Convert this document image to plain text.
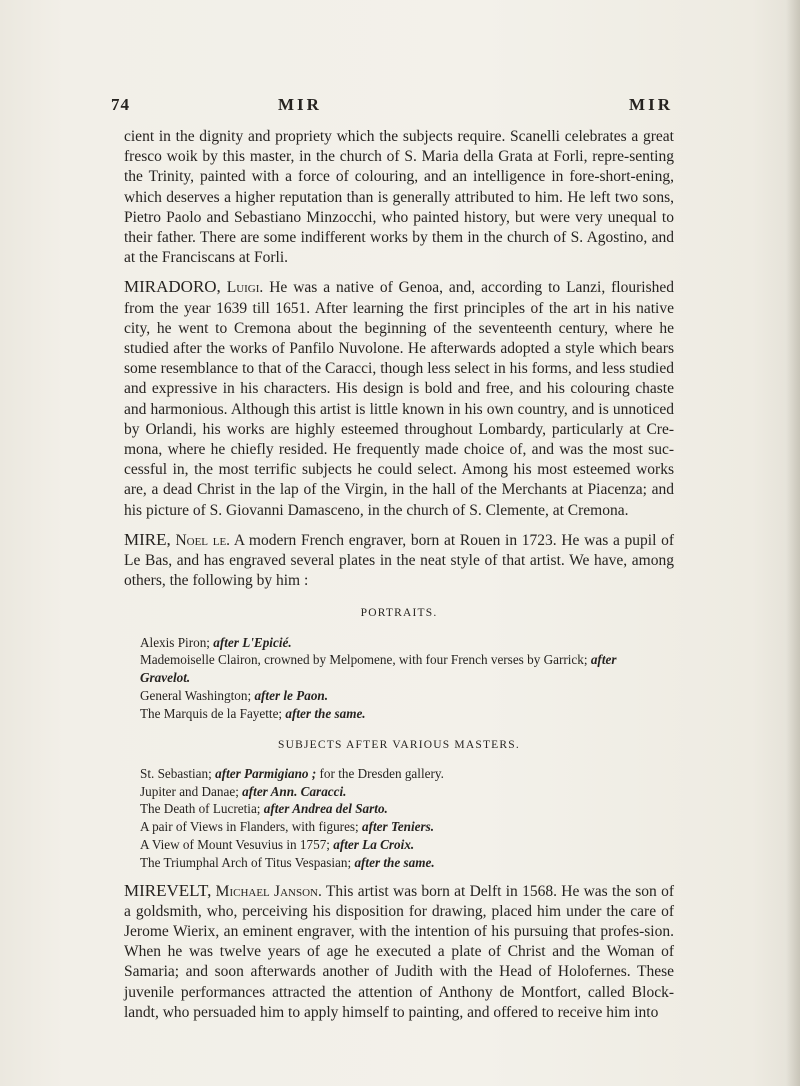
74	MIR	MIR

cient in the dignity and propriety which the subjects require. Scanelli celebrates a great fresco woik by this master, in the church of S. Maria della Grata at Forli, repre-senting the Trinity, painted with a force of colouring, and an intelligence in fore-short-ening, which deserves a higher reputation than is generally attributed to him. He left two sons, Pietro Paolo and Sebastiano Minzocchi, who painted history, but were very unequal to their father. There are some indifferent works by them in the church of S. Agostino, and at the Franciscans at Forli.

MIRADORO, Luigi. He was a native of Genoa, and, according to Lanzi, flourished from the year 1639 till 1651. After learning the first principles of the art in his native city, he went to Cremona about the beginning of the seventeenth century, where he studied after the works of Panfilo Nuvolone. He afterwards adopted a style which bears some resemblance to that of the Caracci, though less select in his forms, and less studied and expressive in his characters. His design is bold and free, and his colouring chaste and harmonious. Although this artist is little known in his own country, and is unnoticed by Orlandi, his works are highly esteemed throughout Lombardy, particularly at Cre-mona, where he chiefly resided. He frequently made choice of, and was the most suc-cessful in, the most terrific subjects he could select. Among his most esteemed works are, a dead Christ in the lap of the Virgin, in the hall of the Merchants at Piacenza; and his picture of S. Giovanni Damasceno, in the church of S. Clemente, at Cremona.

MIRE, Noel le. A modern French engraver, born at Rouen in 1723. He was a pupil of Le Bas, and has engraved several plates in the neat style of that artist. We have, among others, the following by him :

PORTRAITS.
Alexis Piron; after L'Epicié.
Mademoiselle Clairon, crowned by Melpomene, with four French verses by Garrick; after Gravelot.
General Washington; after le Paon.
The Marquis de la Fayette; after the same.
SUBJECTS AFTER VARIOUS MASTERS.
St. Sebastian; after Parmigiano ; for the Dresden gallery.
Jupiter and Danae; after Ann. Caracci.
The Death of Lucretia; after Andrea del Sarto.
A pair of Views in Flanders, with figures; after Teniers.
A View of Mount Vesuvius in 1757; after La Croix.
The Triumphal Arch of Titus Vespasian; after the same.

MIREVELT, Michael Janson. This artist was born at Delft in 1568. He was the son of a goldsmith, who, perceiving his disposition for drawing, placed him under the care of Jerome Wierix, an eminent engraver, with the intention of his pursuing that profes-sion. When he was twelve years of age he executed a plate of Christ and the Woman of Samaria; and soon afterwards another of Judith with the Head of Holofernes. These juvenile performances attracted the attention of Anthony de Montfort, called Block-landt, who persuaded him to apply himself to painting, and offered to receive him into
